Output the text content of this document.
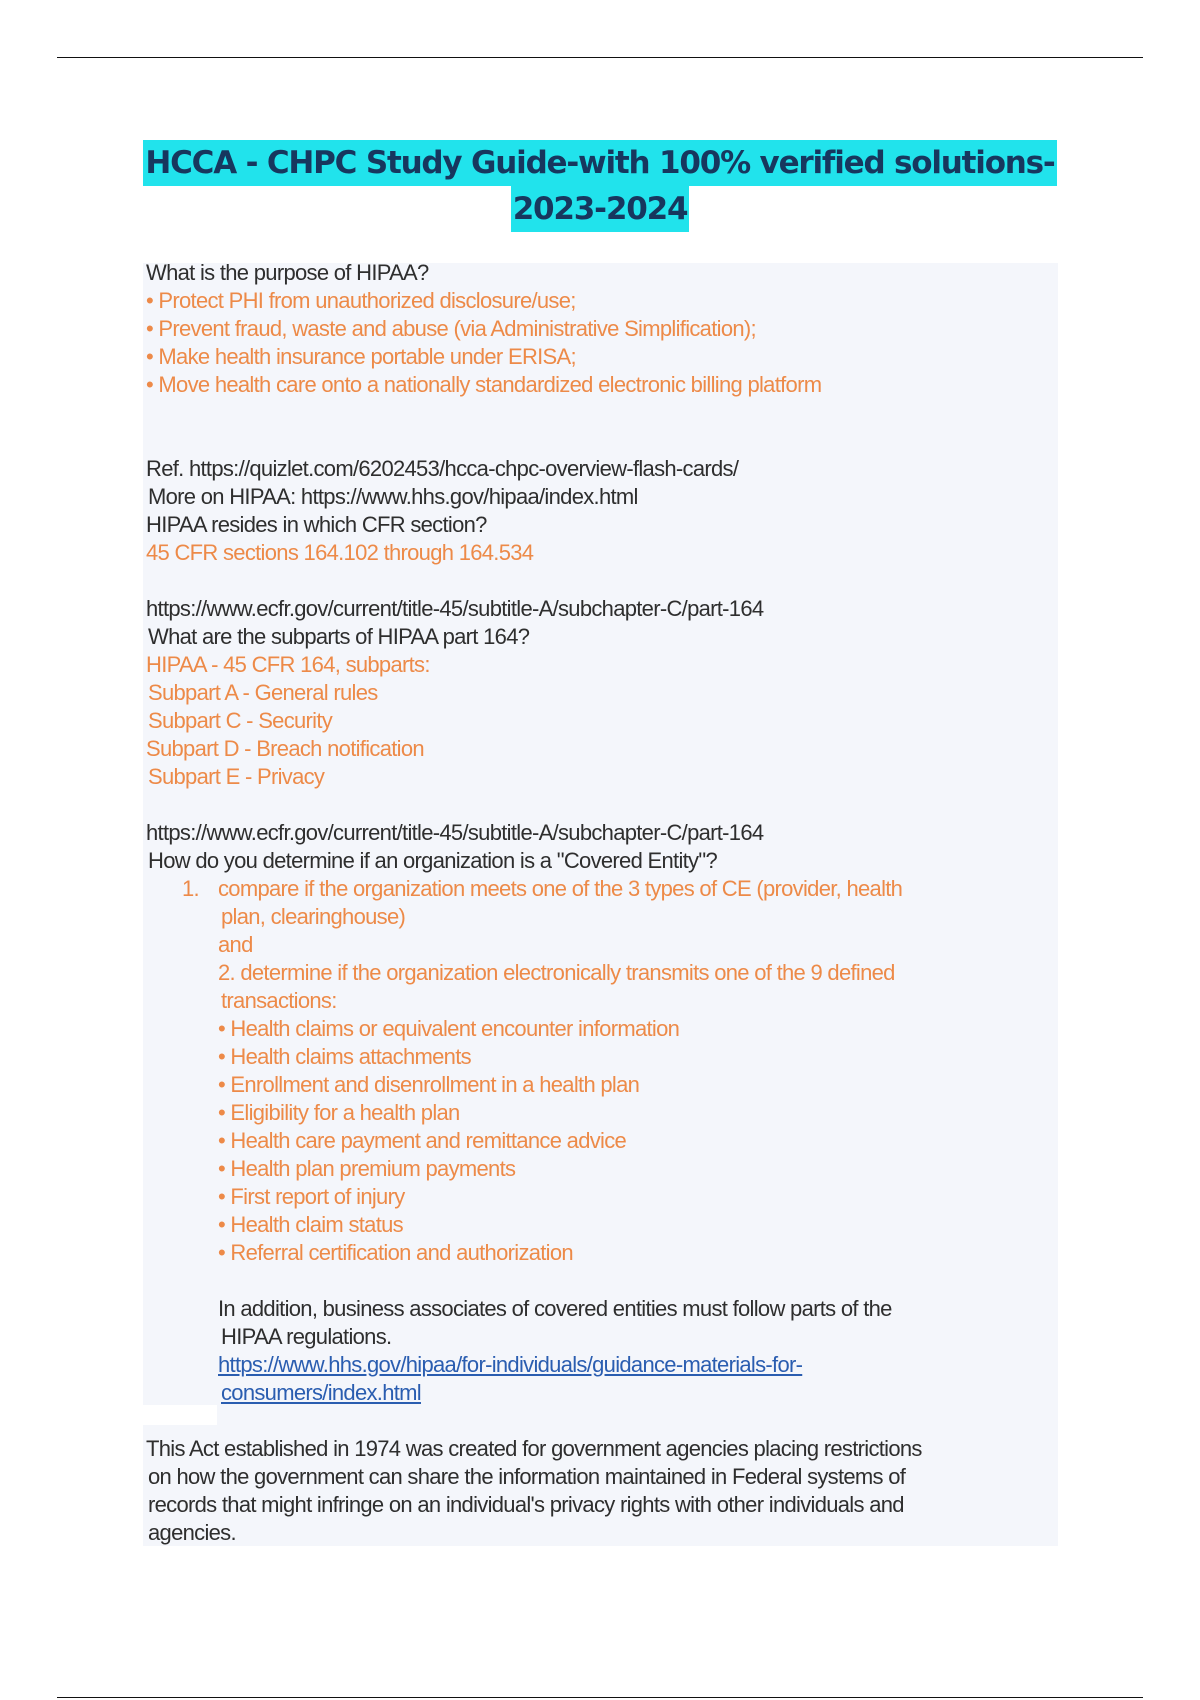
HCCA - CHPC Study Guide-with 100% verified solutions-
2023-2024
What is the purpose of HIPAA?
• Protect PHI from unauthorized disclosure/use;
• Prevent fraud, waste and abuse (via Administrative Simplification);
• Make health insurance portable under ERISA;
• Move health care onto a nationally standardized electronic billing platform
Ref. https://quizlet.com/6202453/hcca-chpc-overview-flash-cards/
More on HIPAA: https://www.hhs.gov/hipaa/index.html
HIPAA resides in which CFR section?
45 CFR sections 164.102 through 164.534
https://www.ecfr.gov/current/title-45/subtitle-A/subchapter-C/part-164
What are the subparts of HIPAA part 164?
HIPAA - 45 CFR 164, subparts:
Subpart A - General rules
Subpart C - Security
Subpart D - Breach notification
Subpart E - Privacy
https://www.ecfr.gov/current/title-45/subtitle-A/subchapter-C/part-164
How do you determine if an organization is a "Covered Entity"?
1. compare if the organization meets one of the 3 types of CE (provider, health
plan, clearinghouse)
and
2. determine if the organization electronically transmits one of the 9 defined
transactions:
• Health claims or equivalent encounter information
• Health claims attachments
• Enrollment and disenrollment in a health plan
• Eligibility for a health plan
• Health care payment and remittance advice
• Health plan premium payments
• First report of injury
• Health claim status
• Referral certification and authorization
In addition, business associates of covered entities must follow parts of the
HIPAA regulations.
https://www.hhs.gov/hipaa/for-individuals/guidance-materials-for-
consumers/index.html
This Act established in 1974 was created for government agencies placing restrictions
on how the government can share the information maintained in Federal systems of
records that might infringe on an individual's privacy rights with other individuals and
agencies.
